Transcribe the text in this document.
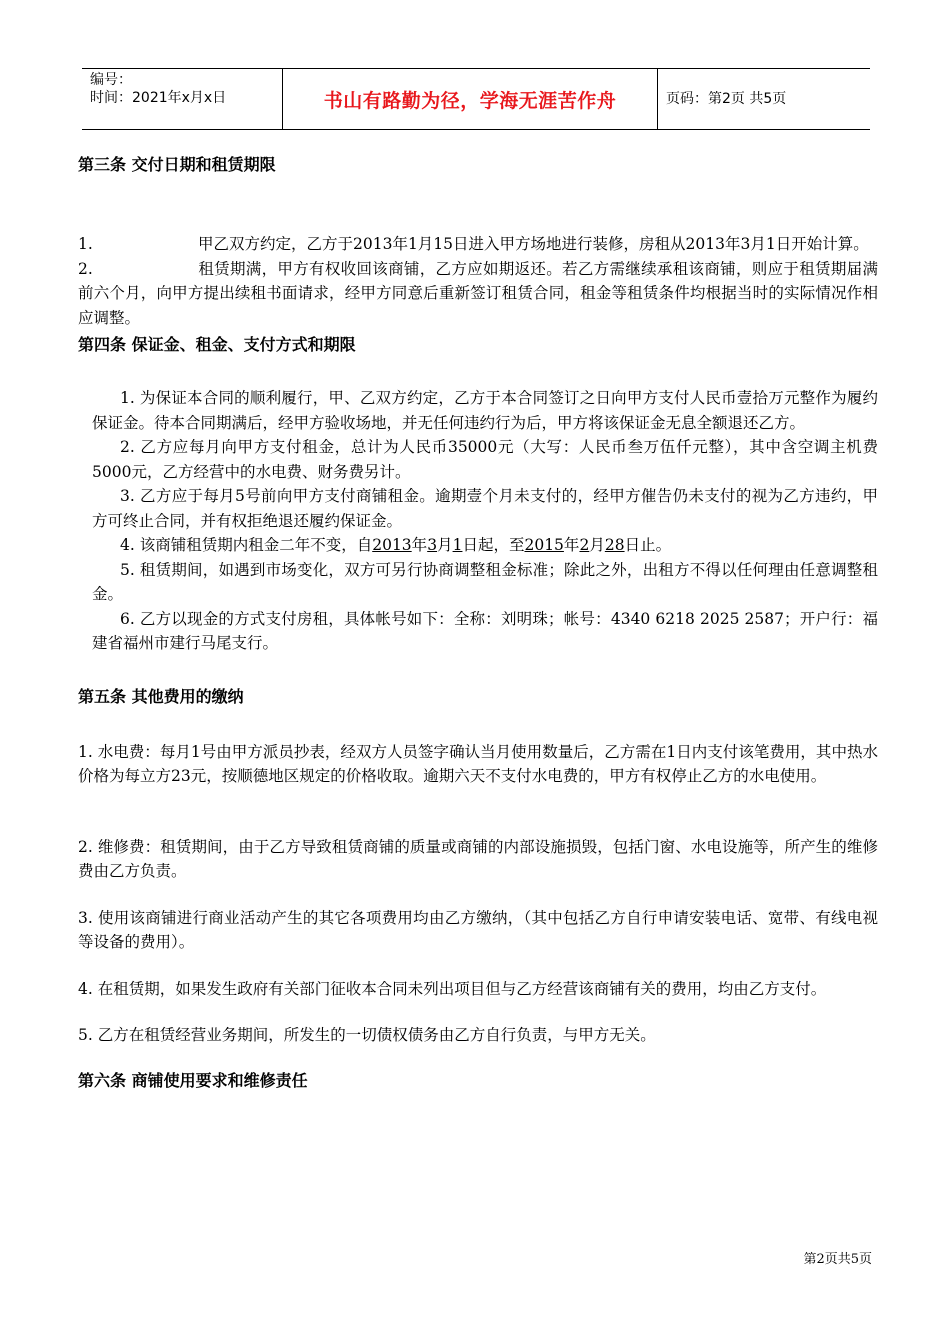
编号：
时间：2021年x月x日	书山有路勤为径，学海无涯苦作舟	页码：第2页 共5页
第三条 交付日期和租赁期限

1.	甲乙双方约定，乙方于2013年1月15日进入甲方场地进行装修，房租从2013年3月1日开始计算。

2.	租赁期满，甲方有权收回该商铺，乙方应如期返还。若乙方需继续承租该商铺，则应于租赁期届满前六个月，向甲方提出续租书面请求，经甲方同意后重新签订租赁合同，租金等租赁条件均根据当时的实际情况作相应调整。

第四条 保证金、租金、支付方式和期限

1. 为保证本合同的顺利履行，甲、乙双方约定，乙方于本合同签订之日向甲方支付人民币壹拾万元整作为履约保证金。待本合同期满后，经甲方验收场地，并无任何违约行为后，甲方将该保证金无息全额退还乙方。

2. 乙方应每月向甲方支付租金，总计为人民币35000元（大写：人民币叁万伍仟元整），其中含空调主机费5000元，乙方经营中的水电费、财务费另计。

3. 乙方应于每月5号前向甲方支付商铺租金。逾期壹个月未支付的，经甲方催告仍未支付的视为乙方违约，甲方可终止合同，并有权拒绝退还履约保证金。

4. 该商铺租赁期内租金二年不变，自2013年3月1日起，至2015年2月28日止。

5. 租赁期间，如遇到市场变化，双方可另行协商调整租金标准；除此之外，出租方不得以任何理由任意调整租金。

6. 乙方以现金的方式支付房租，具体帐号如下：全称：刘明珠；帐号：4340 6218 2025 2587；开户行：福建省福州市建行马尾支行。

第五条 其他费用的缴纳

1. 水电费：每月1号由甲方派员抄表，经双方人员签字确认当月使用数量后，乙方需在1日内支付该笔费用，其中热水价格为每立方23元，按顺德地区规定的价格收取。逾期六天不支付水电费的，甲方有权停止乙方的水电使用。

2. 维修费：租赁期间，由于乙方导致租赁商铺的质量或商铺的内部设施损毁，包括门窗、水电设施等，所产生的维修费由乙方负责。

3. 使用该商铺进行商业活动产生的其它各项费用均由乙方缴纳，（其中包括乙方自行申请安装电话、宽带、有线电视等设备的费用）。

4. 在租赁期，如果发生政府有关部门征收本合同未列出项目但与乙方经营该商铺有关的费用，均由乙方支付。

5. 乙方在租赁经营业务期间，所发生的一切债权债务由乙方自行负责，与甲方无关。

第六条 商铺使用要求和维修责任
第2页共5页
